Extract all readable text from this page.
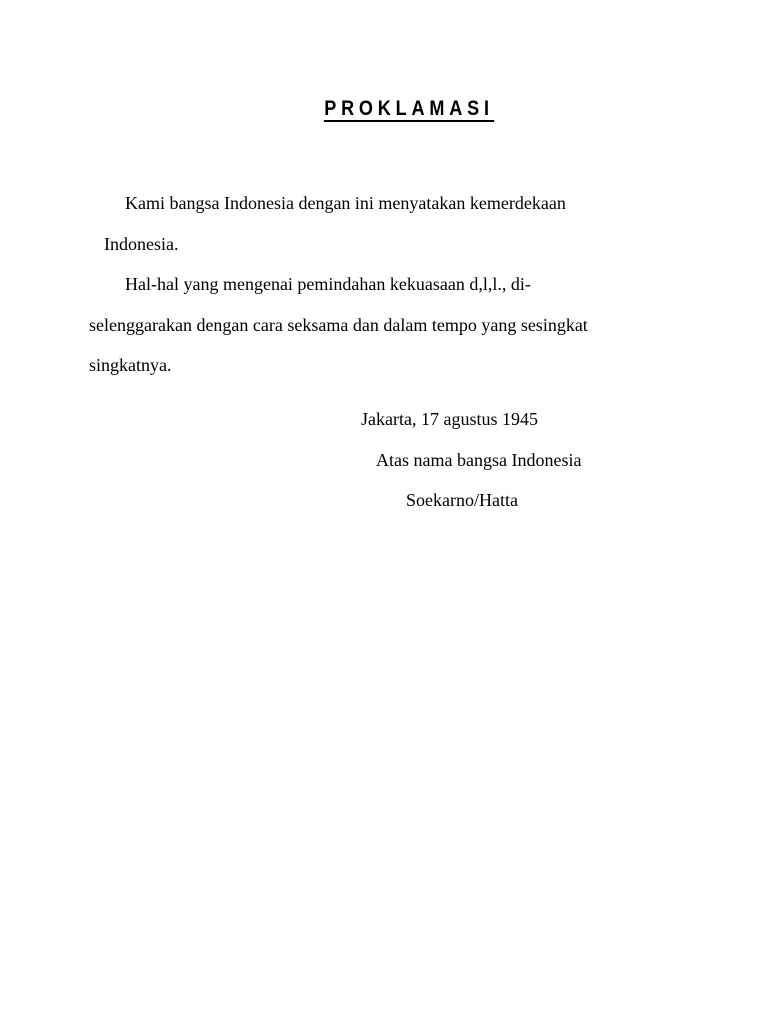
PROKLAMASI
Kami bangsa Indonesia dengan ini menyatakan kemerdekaan
Indonesia.
Hal-hal yang mengenai pemindahan kekuasaan d,l,l., di-
selenggarakan dengan cara seksama dan dalam tempo yang sesingkat
singkatnya.
Jakarta, 17 agustus 1945
Atas nama bangsa Indonesia
Soekarno/Hatta
